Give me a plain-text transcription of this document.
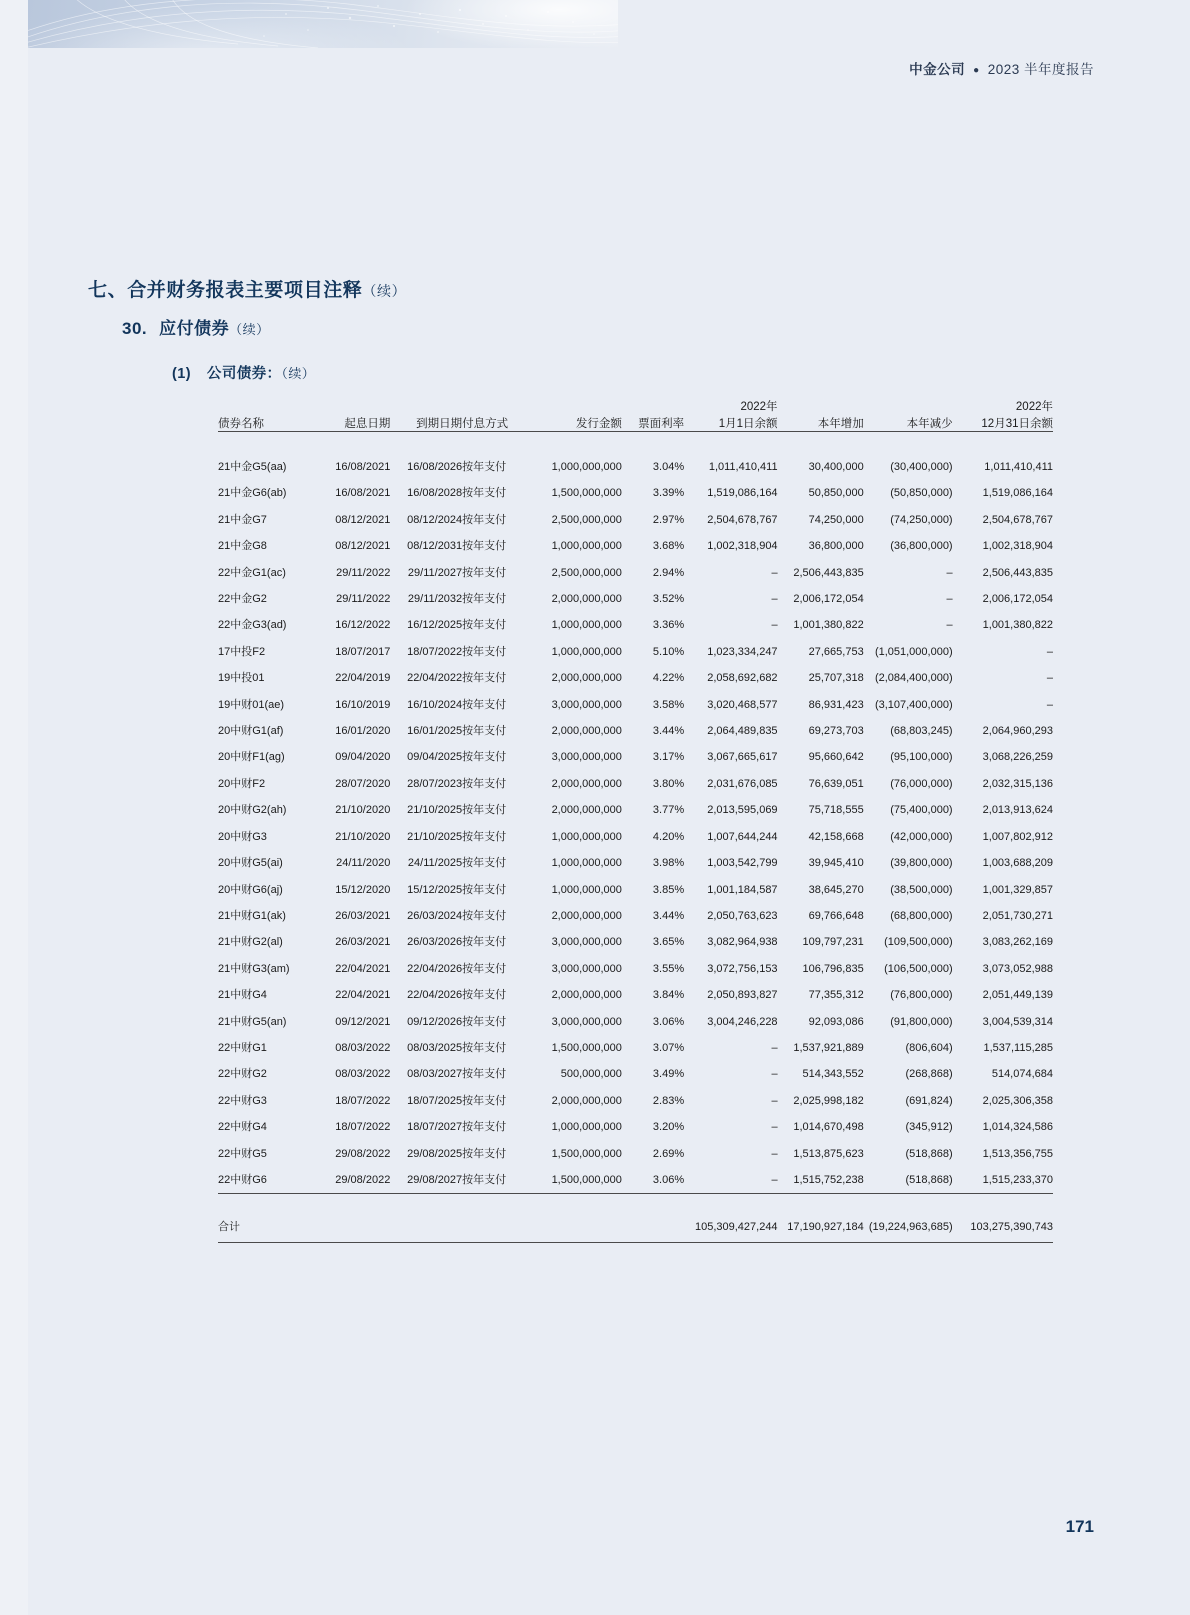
中金公司 ● 2023 半年度报告
七、合并财务报表主要项目注释（续）
30. 应付债券（续）
(1) 公司债券：（续）
						2022年			2022年
债券名称	起息日期	到期日期	付息方式	发行金额	票面利率	1月1日余额	本年增加	本年减少	12月31日余额
21中金G5(aa)	16/08/2021	16/08/2026	按年支付	1,000,000,000	3.04%	1,011,410,411	30,400,000	(30,400,000)	1,011,410,411
21中金G6(ab)	16/08/2021	16/08/2028	按年支付	1,500,000,000	3.39%	1,519,086,164	50,850,000	(50,850,000)	1,519,086,164
21中金G7	08/12/2021	08/12/2024	按年支付	2,500,000,000	2.97%	2,504,678,767	74,250,000	(74,250,000)	2,504,678,767
21中金G8	08/12/2021	08/12/2031	按年支付	1,000,000,000	3.68%	1,002,318,904	36,800,000	(36,800,000)	1,002,318,904
22中金G1(ac)	29/11/2022	29/11/2027	按年支付	2,500,000,000	2.94%	–	2,506,443,835	–	2,506,443,835
22中金G2	29/11/2022	29/11/2032	按年支付	2,000,000,000	3.52%	–	2,006,172,054	–	2,006,172,054
22中金G3(ad)	16/12/2022	16/12/2025	按年支付	1,000,000,000	3.36%	–	1,001,380,822	–	1,001,380,822
17中投F2	18/07/2017	18/07/2022	按年支付	1,000,000,000	5.10%	1,023,334,247	27,665,753	(1,051,000,000)	–
19中投01	22/04/2019	22/04/2022	按年支付	2,000,000,000	4.22%	2,058,692,682	25,707,318	(2,084,400,000)	–
19中财01(ae)	16/10/2019	16/10/2024	按年支付	3,000,000,000	3.58%	3,020,468,577	86,931,423	(3,107,400,000)	–
20中财G1(af)	16/01/2020	16/01/2025	按年支付	2,000,000,000	3.44%	2,064,489,835	69,273,703	(68,803,245)	2,064,960,293
20中财F1(ag)	09/04/2020	09/04/2025	按年支付	3,000,000,000	3.17%	3,067,665,617	95,660,642	(95,100,000)	3,068,226,259
20中财F2	28/07/2020	28/07/2023	按年支付	2,000,000,000	3.80%	2,031,676,085	76,639,051	(76,000,000)	2,032,315,136
20中财G2(ah)	21/10/2020	21/10/2025	按年支付	2,000,000,000	3.77%	2,013,595,069	75,718,555	(75,400,000)	2,013,913,624
20中财G3	21/10/2020	21/10/2025	按年支付	1,000,000,000	4.20%	1,007,644,244	42,158,668	(42,000,000)	1,007,802,912
20中财G5(ai)	24/11/2020	24/11/2025	按年支付	1,000,000,000	3.98%	1,003,542,799	39,945,410	(39,800,000)	1,003,688,209
20中财G6(aj)	15/12/2020	15/12/2025	按年支付	1,000,000,000	3.85%	1,001,184,587	38,645,270	(38,500,000)	1,001,329,857
21中财G1(ak)	26/03/2021	26/03/2024	按年支付	2,000,000,000	3.44%	2,050,763,623	69,766,648	(68,800,000)	2,051,730,271
21中财G2(al)	26/03/2021	26/03/2026	按年支付	3,000,000,000	3.65%	3,082,964,938	109,797,231	(109,500,000)	3,083,262,169
21中财G3(am)	22/04/2021	22/04/2026	按年支付	3,000,000,000	3.55%	3,072,756,153	106,796,835	(106,500,000)	3,073,052,988
21中财G4	22/04/2021	22/04/2026	按年支付	2,000,000,000	3.84%	2,050,893,827	77,355,312	(76,800,000)	2,051,449,139
21中财G5(an)	09/12/2021	09/12/2026	按年支付	3,000,000,000	3.06%	3,004,246,228	92,093,086	(91,800,000)	3,004,539,314
22中财G1	08/03/2022	08/03/2025	按年支付	1,500,000,000	3.07%	–	1,537,921,889	(806,604)	1,537,115,285
22中财G2	08/03/2022	08/03/2027	按年支付	500,000,000	3.49%	–	514,343,552	(268,868)	514,074,684
22中财G3	18/07/2022	18/07/2025	按年支付	2,000,000,000	2.83%	–	2,025,998,182	(691,824)	2,025,306,358
22中财G4	18/07/2022	18/07/2027	按年支付	1,000,000,000	3.20%	–	1,014,670,498	(345,912)	1,014,324,586
22中财G5	29/08/2022	29/08/2025	按年支付	1,500,000,000	2.69%	–	1,513,875,623	(518,868)	1,513,356,755
22中财G6	29/08/2022	29/08/2027	按年支付	1,500,000,000	3.06%	–	1,515,752,238	(518,868)	1,515,233,370

合计						105,309,427,244	17,190,927,184	(19,224,963,685)	103,275,390,743

171
